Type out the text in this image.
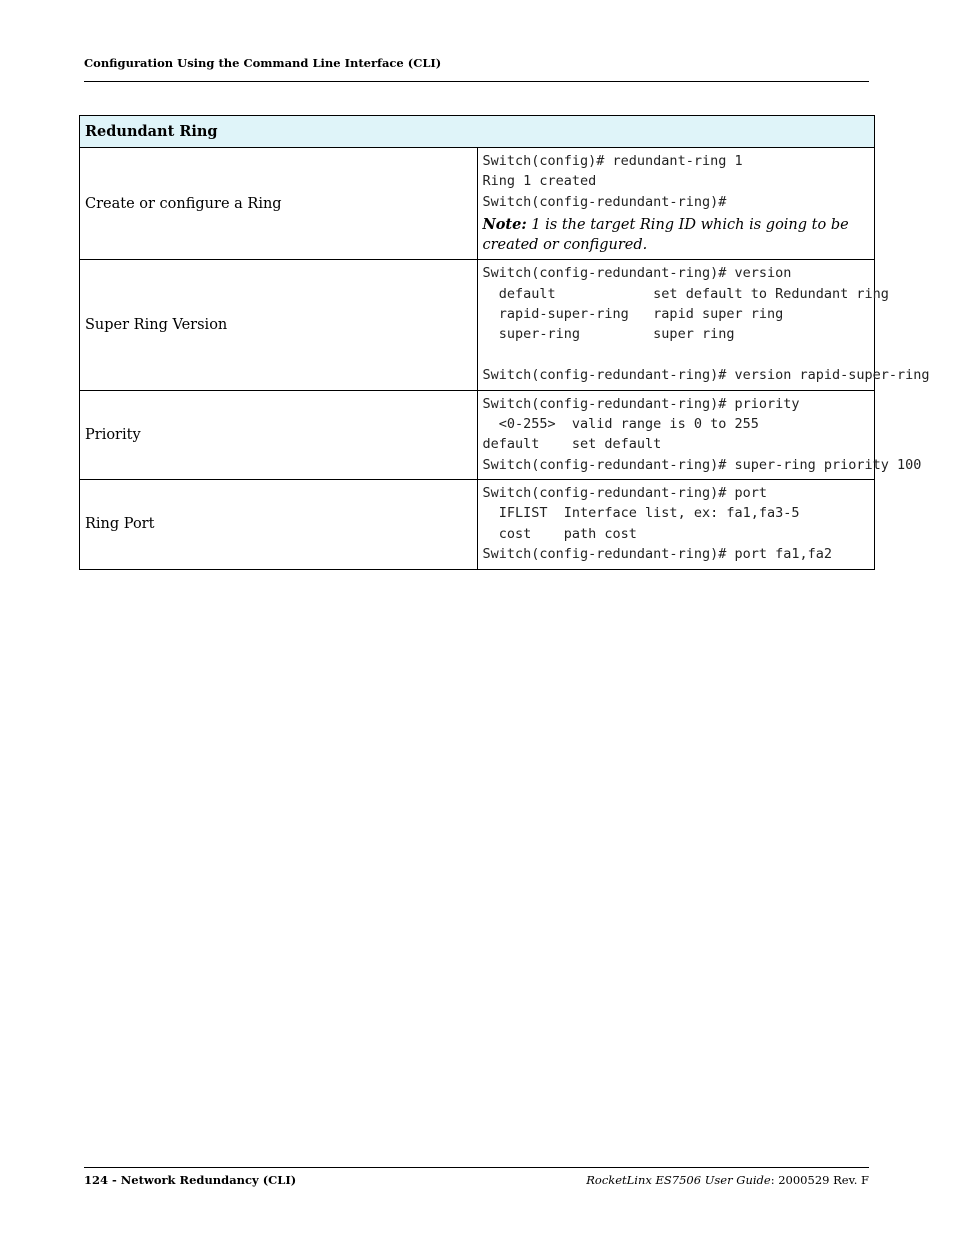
Configuration Using the Command Line Interface (CLI)
Redundant Ring	
Create or configure a Ring	Switch(config)# redundant-ring 1
Ring 1 created
Switch(config-redundant-ring)#
Note: 1 is the target Ring ID which is going to be created or configured.

Super Ring Version	Switch(config-redundant-ring)# version
default            set default to Redundant ring
rapid-super-ring   rapid super ring
super-ring         super ring
Switch(config-redundant-ring)# version rapid-super-ring

Priority	Switch(config-redundant-ring)# priority
<0-255>  valid range is 0 to 255
default    set default
Switch(config-redundant-ring)# super-ring priority 100

Ring Port	Switch(config-redundant-ring)# port
IFLIST  Interface list, ex: fa1,fa3-5
cost    path cost
Switch(config-redundant-ring)# port fa1,fa2
124 - Network Redundancy (CLI)	RocketLinx ES7506 User Guide: 2000529 Rev. F
